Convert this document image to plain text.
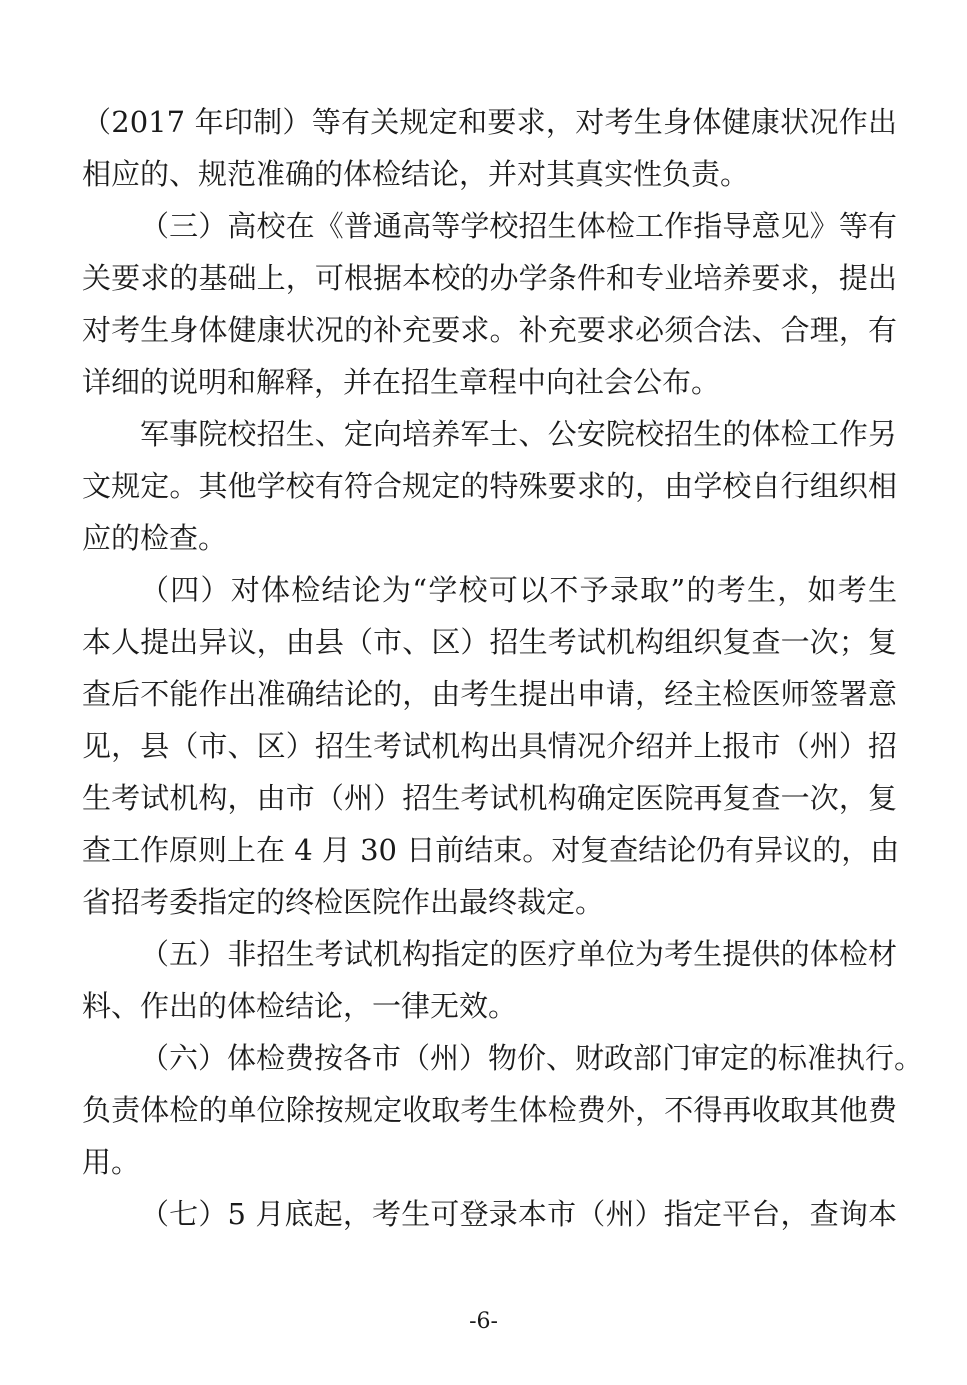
（2017 年印制）等有关规定和要求，对考生身体健康状况作出
相应的、规范准确的体检结论，并对其真实性负责。
（三）高校在《普通高等学校招生体检工作指导意见》等有
关要求的基础上，可根据本校的办学条件和专业培养要求，提出
对考生身体健康状况的补充要求。补充要求必须合法、合理，有
详细的说明和解释，并在招生章程中向社会公布。
军事院校招生、定向培养军士、公安院校招生的体检工作另
文规定。其他学校有符合规定的特殊要求的，由学校自行组织相
应的检查。
（四）对体检结论为“学校可以不予录取”的考生，如考生
本人提出异议，由县（市、区）招生考试机构组织复查一次；复
查后不能作出准确结论的，由考生提出申请，经主检医师签署意
见，县（市、区）招生考试机构出具情况介绍并上报市（州）招
生考试机构，由市（州）招生考试机构确定医院再复查一次，复
查工作原则上在 4 月 30 日前结束。对复查结论仍有异议的，由
省招考委指定的终检医院作出最终裁定。
（五）非招生考试机构指定的医疗单位为考生提供的体检材
料、作出的体检结论，一律无效。
（六）体检费按各市（州）物价、财政部门审定的标准执行。
负责体检的单位除按规定收取考生体检费外，不得再收取其他费
用。
（七）5 月底起，考生可登录本市（州）指定平台，查询本
-6-
